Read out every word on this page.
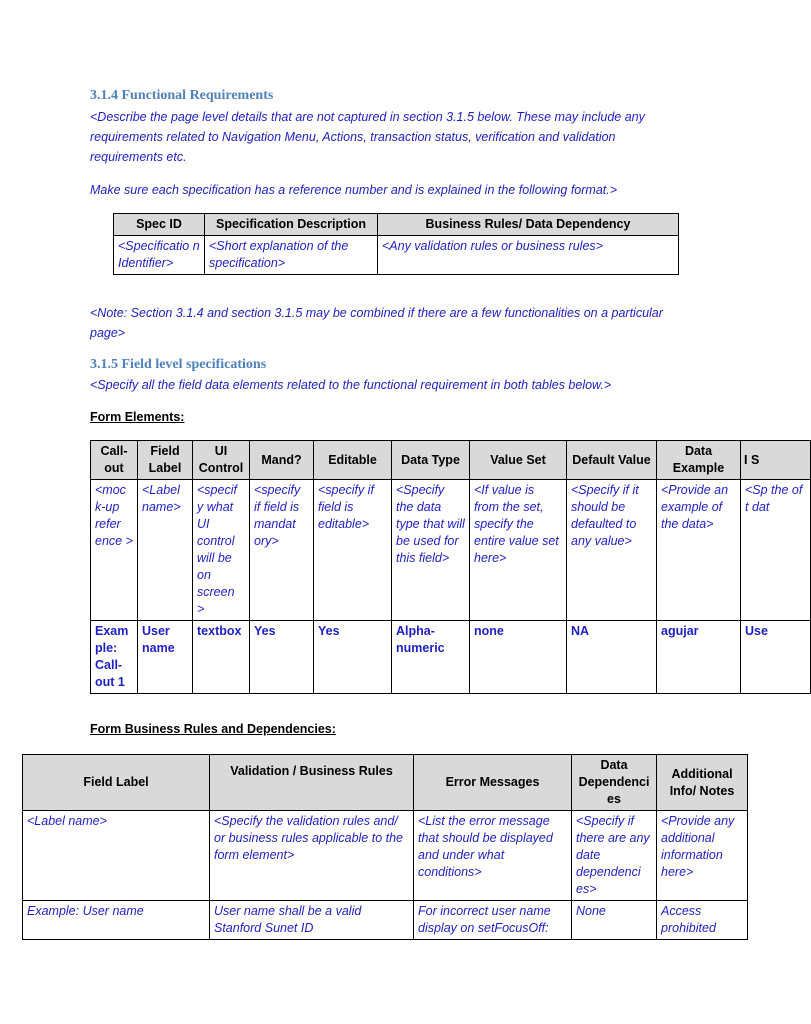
3.1.4 Functional Requirements
<Describe the page level details that are not captured in section 3.1.5 below. These may include any
requirements related to Navigation Menu, Actions, transaction status, verification and validation
requirements etc.
Make sure each specification has a reference number and is explained in the following format.>
Spec ID	Specification Description	Business Rules/ Data Dependency
<Specificatio n Identifier>	<Short explanation of the specification>	<Any validation rules or business rules>
<Note: Section 3.1.4 and section 3.1.5 may be combined if there are a few functionalities on a particular
page>
3.1.5 Field level specifications
<Specify all the field data elements related to the functional requirement in both tables below.>
Form Elements:
Call-out	Field Label	UI Control	Mand?	Editable	Data Type	Value Set	Default Value	Data Example	I S
<moc k-up refer ence >	<Label name>	<specif y what UI control will be on screen >	<specify if field is mandat ory>	<specify if field is editable>	<Specify the data type that will be used for this field>	<If value is from the set, specify the entire value set here>	<Specify if it should be defaulted to any value>	<Provide an example of the data>	<Sp the of t dat
Exam ple: Call-out 1	User name	textbox	Yes	Yes	Alpha-numeric	none	NA	agujar	Use
Form Business Rules and Dependencies:
Field Label	Validation / Business Rules	Error Messages	Data Dependenci es	Additional Info/ Notes
<Label name>	<Specify the validation rules and/ or business rules applicable to the form element>	<List the error message that should be displayed and under what conditions>	<Specify if there are any date dependenci es>	<Provide any additional information here>
Example: User name	User name shall be a valid Stanford Sunet ID	For incorrect user name display on setFocusOff:	None	Access prohibited
